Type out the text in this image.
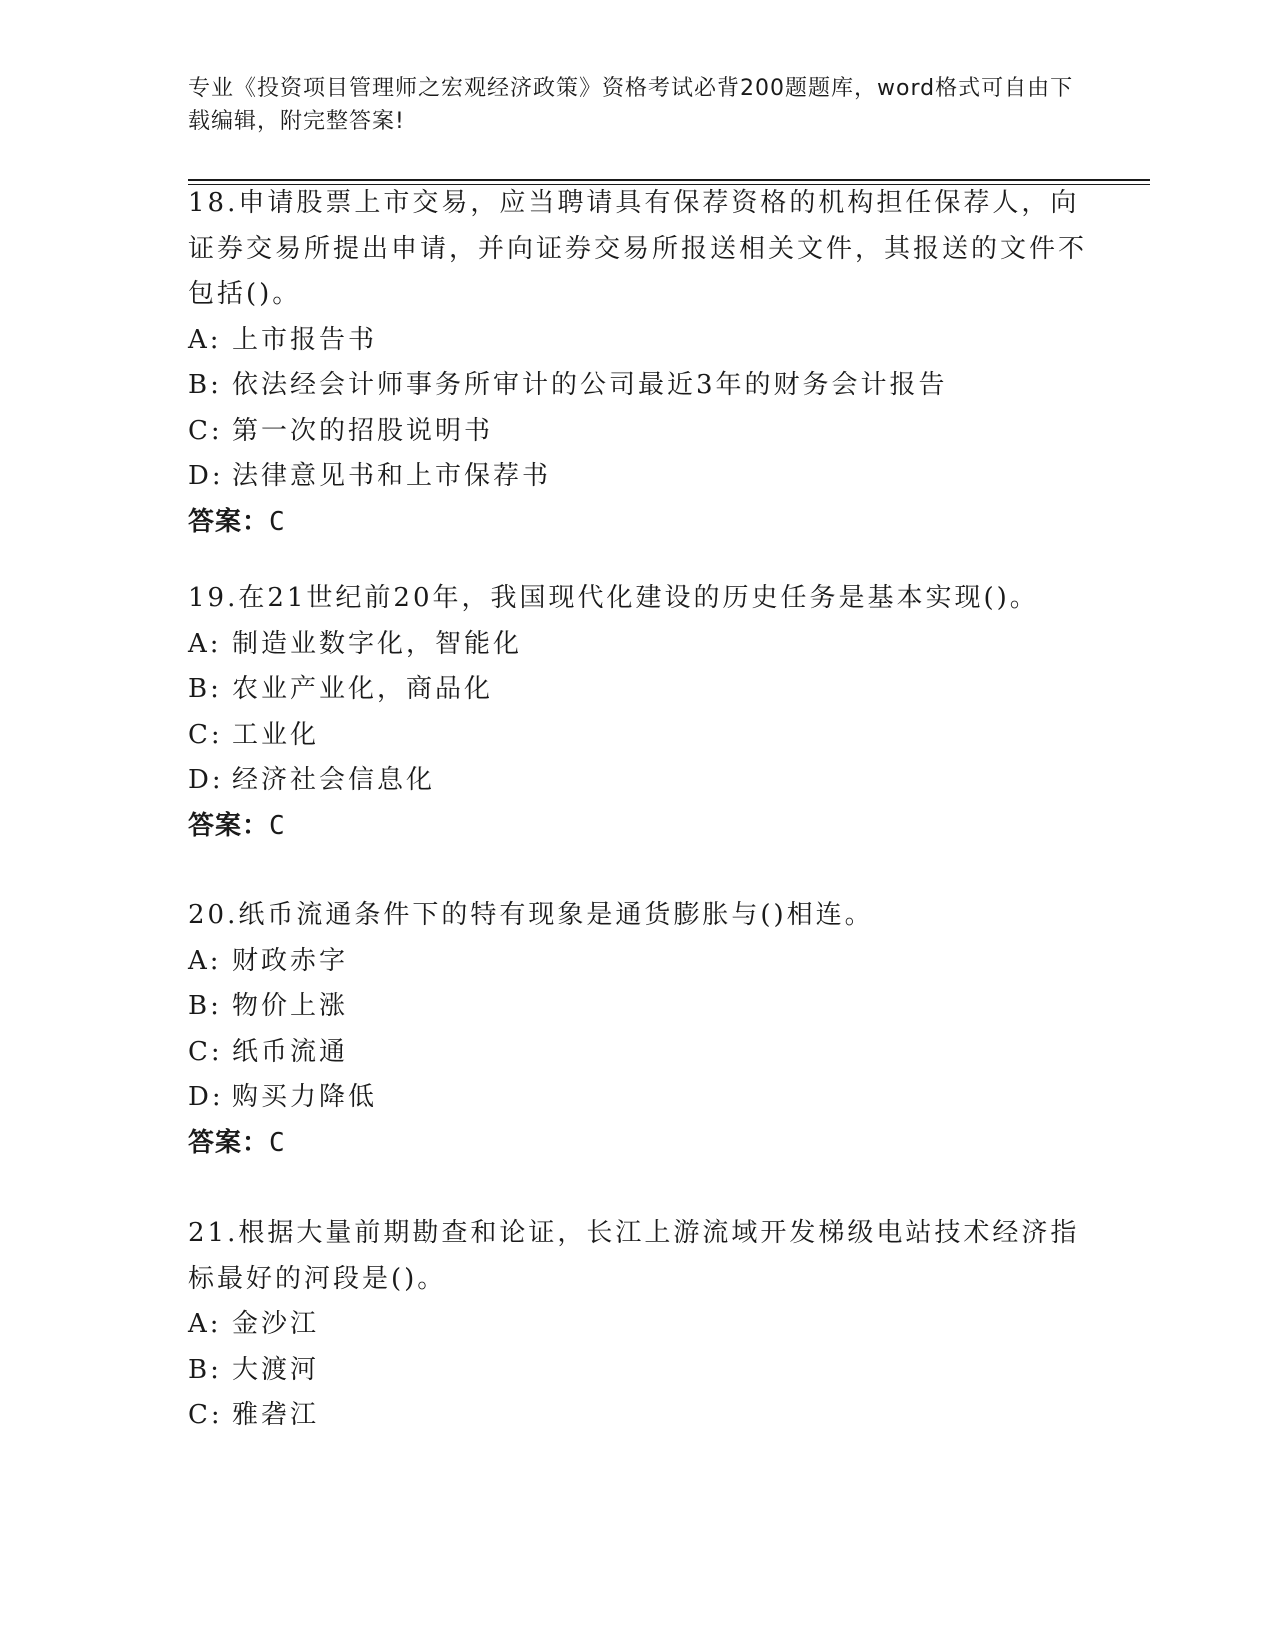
专业《投资项目管理师之宏观经济政策》资格考试必背200题题库，word格式可自由下载编辑，附完整答案!

18.申请股票上市交易，应当聘请具有保荐资格的机构担任保荐人，向证券交易所提出申请，并向证券交易所报送相关文件，其报送的文件不包括()。

A: 上市报告书

B: 依法经会计师事务所审计的公司最近3年的财务会计报告

C: 第一次的招股说明书

D: 法律意见书和上市保荐书

答案：C

19.在21世纪前20年，我国现代化建设的历史任务是基本实现()。

A: 制造业数字化，智能化

B: 农业产业化，商品化

C: 工业化

D: 经济社会信息化

答案：C

20.纸币流通条件下的特有现象是通货膨胀与()相连。

A: 财政赤字

B: 物价上涨

C: 纸币流通

D: 购买力降低

答案：C

21.根据大量前期勘查和论证，长江上游流域开发梯级电站技术经济指标最好的河段是()。

A: 金沙江

B: 大渡河

C: 雅砻江
